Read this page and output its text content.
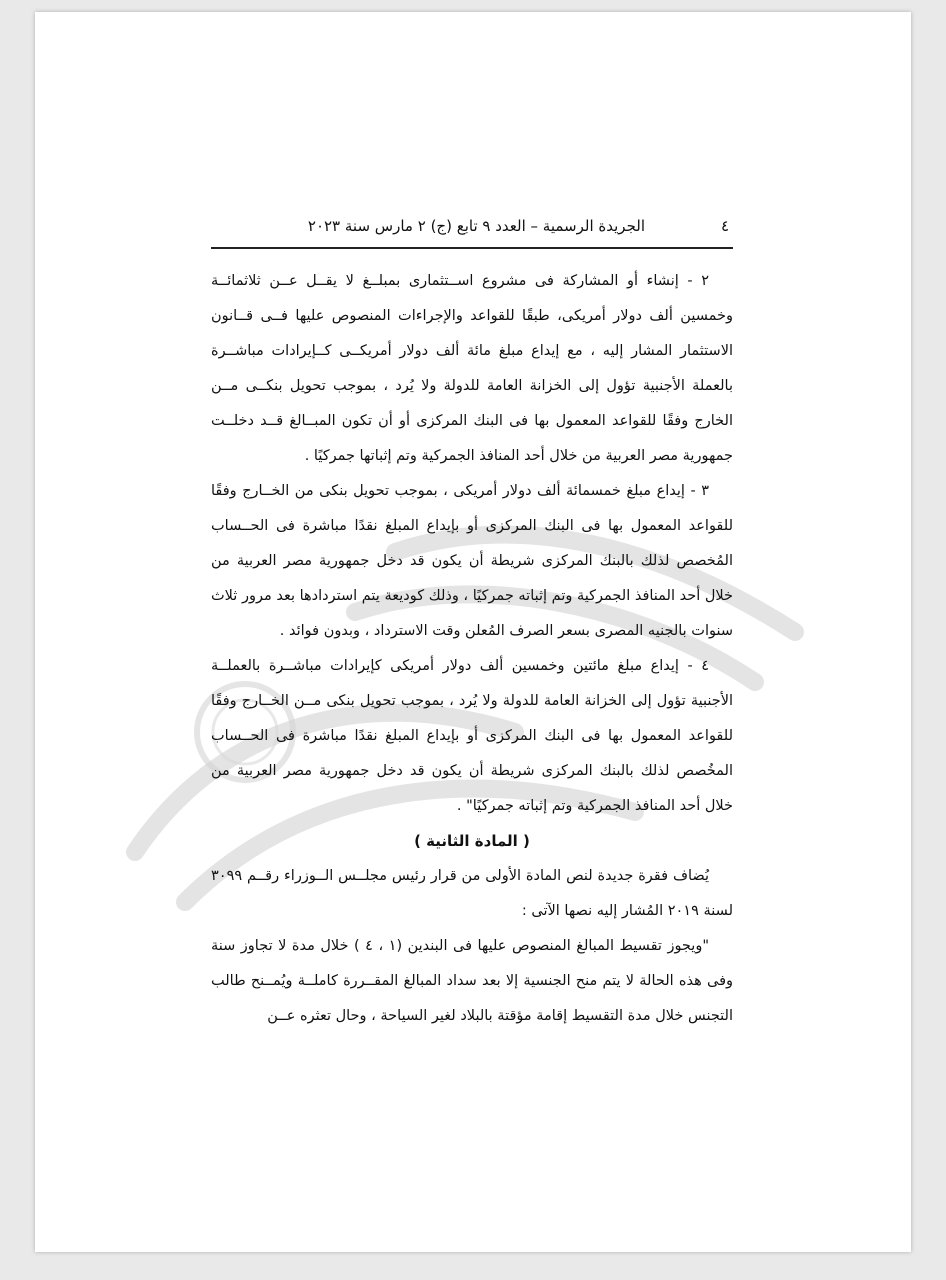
الجريدة الرسمية – العدد ٩ تابع (ج) ٢ مارس سنة ٢٠٢٣	٤

٢ - إنشاء أو المشاركة فى مشروع اســتثمارى بمبلــغ لا يقــل عــن ثلاثمائــة وخمسين ألف دولار أمريكى، طبقًا للقواعد والإجراءات المنصوص عليها فــى قــانون الاستثمار المشار إليه ، مع إيداع مبلغ مائة ألف دولار أمريكــى كــإيرادات مباشــرة بالعملة الأجنبية تؤول إلى الخزانة العامة للدولة ولا يُرد ، بموجب تحويل بنكــى مــن الخارج وفقًا للقواعد المعمول بها فى البنك المركزى أو أن تكون المبــالغ قــد دخلــت جمهورية مصر العربية من خلال أحد المنافذ الجمركية وتم إثباتها جمركيًا .

٣ - إيداع مبلغ خمسمائة ألف دولار أمريكى ، بموجب تحويل بنكى من الخــارج وفقًا للقواعد المعمول بها فى البنك المركزى أو بإيداع المبلغ نقدًا مباشرة فى الحــساب المُخصص لذلك بالبنك المركزى شريطة أن يكون قد دخل جمهورية مصر العربية من خلال أحد المنافذ الجمركية وتم إثباته جمركيًا ، وذلك كوديعة يتم استردادها بعد مرور ثلاث سنوات بالجنيه المصرى بسعر الصرف المُعلن وقت الاسترداد ، وبدون فوائد .

٤ - إيداع مبلغ مائتين وخمسين ألف دولار أمريكى كإيرادات مباشــرة بالعملــة الأجنبية تؤول إلى الخزانة العامة للدولة ولا يُرد ، بموجب تحويل بنكى مــن الخــارج وفقًا للقواعد المعمول بها فى البنك المركزى أو بإيداع المبلغ نقدًا مباشرة فى الحــساب المخُصص لذلك بالبنك المركزى شريطة أن يكون قد دخل جمهورية مصر العربية من خلال أحد المنافذ الجمركية وتم إثباته جمركيًا" .

( المادة الثانية )

يُضاف فقرة جديدة لنص المادة الأولى من قرار رئيس مجلــس الــوزراء رقــم ٣٠٩٩ لسنة ٢٠١٩ المُشار إليه نصها الآتى :

"ويجوز تقسيط المبالغ المنصوص عليها فى البندين (١ ، ٤ ) خلال مدة لا تجاوز سنة وفى هذه الحالة لا يتم منح الجنسية إلا بعد سداد المبالغ المقــررة كاملــة ويُمــنح طالب التجنس خلال مدة التقسيط إقامة مؤقتة بالبلاد لغير السياحة ، وحال تعثره عــن
